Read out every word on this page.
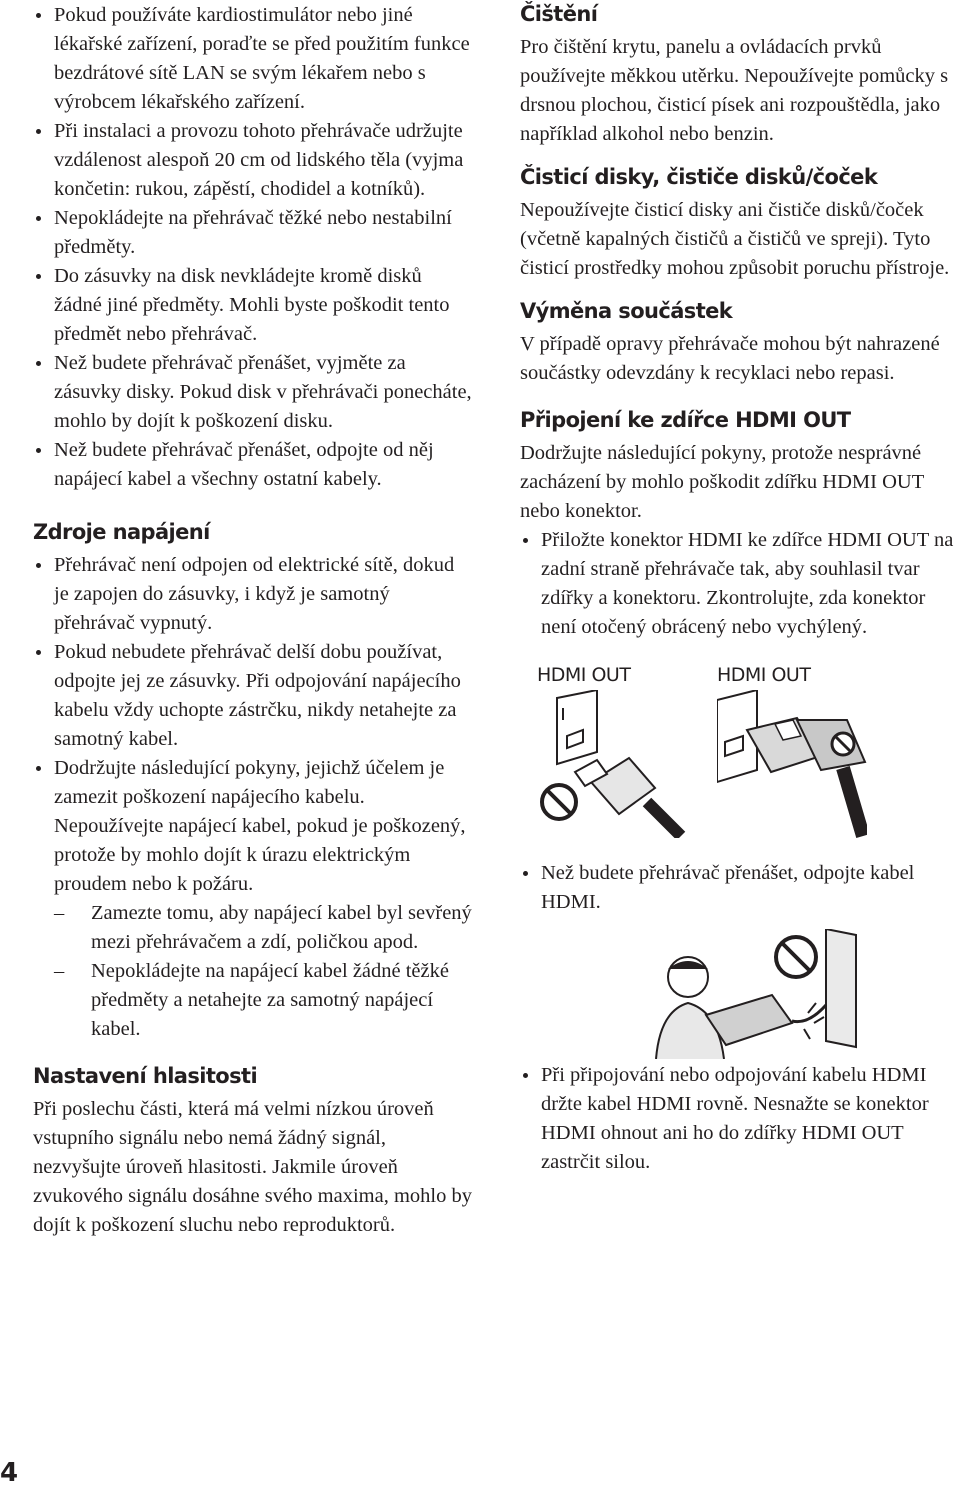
Pokud používáte kardiostimulátor nebo jiné lékařské zařízení, poraďte se před použitím funkce bezdrátové sítě LAN se svým lékařem nebo s výrobcem lékařského zařízení.
Při instalaci a provozu tohoto přehrávače udržujte vzdálenost alespoň 20 cm od lidského těla (vyjma končetin: rukou, zápěstí, chodidel a kotníků).
Nepokládejte na přehrávač těžké nebo nestabilní předměty.
Do zásuvky na disk nevkládejte kromě disků žádné jiné předměty. Mohli byste poškodit tento předmět nebo přehrávač.
Než budete přehrávač přenášet, vyjměte za zásuvky disky. Pokud disk v přehrávači ponecháte, mohlo by dojít k poškození disku.
Než budete přehrávač přenášet, odpojte od něj napájecí kabel a všechny ostatní kabely.
Zdroje napájení
Přehrávač není odpojen od elektrické sítě, dokud je zapojen do zásuvky, i když je samotný přehrávač vypnutý.
Pokud nebudete přehrávač delší dobu používat, odpojte jej ze zásuvky. Při odpojování napájecího kabelu vždy uchopte zástrčku, nikdy netahejte za samotný kabel.
Dodržujte následující pokyny, jejichž účelem je zamezit poškození napájecího kabelu. Nepoužívejte napájecí kabel, pokud je poškozený, protože by mohlo dojít k úrazu elektrickým proudem nebo k požáru.
– Zamezte tomu, aby napájecí kabel byl sevřený mezi přehrávačem a zdí, poličkou apod.
– Nepokládejte na napájecí kabel žádné těžké předměty a netahejte za samotný napájecí kabel.
Nastavení hlasitosti

Při poslechu části, která má velmi nízkou úroveň vstupního signálu nebo nemá žádný signál, nezvyšujte úroveň hlasitosti. Jakmile úroveň zvukového signálu dosáhne svého maxima, mohlo by dojít k poškození sluchu nebo reproduktorů.

Čištění

Pro čištění krytu, panelu a ovládacích prvků používejte měkkou utěrku. Nepoužívejte pomůcky s drsnou plochou, čisticí písek ani rozpouštědla, jako například alkohol nebo benzin.

Čisticí disky, čističe disků/čoček

Nepoužívejte čisticí disky ani čističe disků/čoček (včetně kapalných čističů a čističů ve spreji). Tyto čisticí prostředky mohou způsobit poruchu přístroje.

Výměna součástek

V případě opravy přehrávače mohou být nahrazené součástky odevzdány k recyklaci nebo repasi.

Připojení ke zdířce HDMI OUT

Dodržujte následující pokyny, protože nesprávné zacházení by mohlo poškodit zdířku HDMI OUT nebo konektor.

Přiložte konektor HDMI ke zdířce HDMI OUT na zadní straně přehrávače tak, aby souhlasil tvar zdířky a konektoru. Zkontrolujte, zda konektor není otočený obrácený nebo vychýlený.
HDMI OUT	HDMI OUT
Než budete přehrávač přenášet, odpojte kabel HDMI.
Při připojování nebo odpojování kabelu HDMI držte kabel HDMI rovně. Nesnažte se konektor HDMI ohnout ani ho do zdířky HDMI OUT zastrčit silou.
4
